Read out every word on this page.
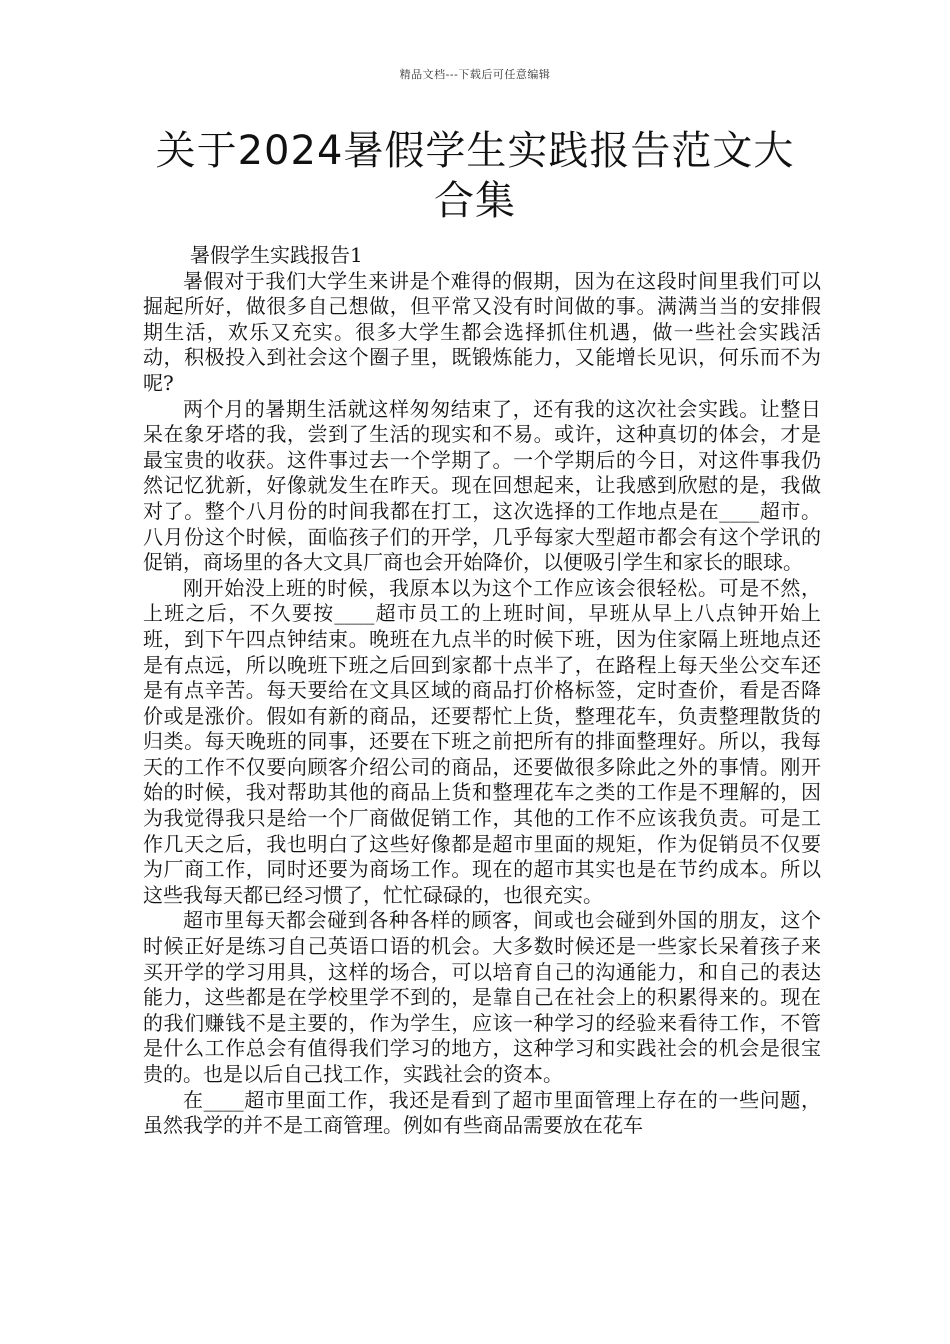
精品文档---下载后可任意编辑
关于2024暑假学生实践报告范文大合集

暑假学生实践报告1

暑假对于我们大学生来讲是个难得的假期，因为在这段时间里我们可以掘起所好，做很多自己想做，但平常又没有时间做的事。满满当当的安排假期生活，欢乐又充实。很多大学生都会选择抓住机遇，做一些社会实践活动，积极投入到社会这个圈子里，既锻炼能力，又能增长见识，何乐而不为呢?

两个月的暑期生活就这样匆匆结束了，还有我的这次社会实践。让整日呆在象牙塔的我，尝到了生活的现实和不易。或许，这种真切的体会，才是最宝贵的收获。这件事过去一个学期了。一个学期后的今日，对这件事我仍然记忆犹新，好像就发生在昨天。现在回想起来，让我感到欣慰的是，我做对了。整个八月份的时间我都在打工，这次选择的工作地点是在____超市。八月份这个时候，面临孩子们的开学，几乎每家大型超市都会有这个学讯的促销，商场里的各大文具厂商也会开始降价，以便吸引学生和家长的眼球。

刚开始没上班的时候，我原本以为这个工作应该会很轻松。可是不然，上班之后，不久要按____超市员工的上班时间，早班从早上八点钟开始上班，到下午四点钟结束。晚班在九点半的时候下班，因为住家隔上班地点还是有点远，所以晚班下班之后回到家都十点半了，在路程上每天坐公交车还是有点辛苦。每天要给在文具区域的商品打价格标签，定时查价，看是否降价或是涨价。假如有新的商品，还要帮忙上货，整理花车，负责整理散货的归类。每天晚班的同事，还要在下班之前把所有的排面整理好。所以，我每天的工作不仅要向顾客介绍公司的商品，还要做很多除此之外的事情。刚开始的时候，我对帮助其他的商品上货和整理花车之类的工作是不理解的，因为我觉得我只是给一个厂商做促销工作，其他的工作不应该我负责。可是工作几天之后，我也明白了这些好像都是超市里面的规矩，作为促销员不仅要为厂商工作，同时还要为商场工作。现在的超市其实也是在节约成本。所以这些我每天都已经习惯了，忙忙碌碌的，也很充实。

超市里每天都会碰到各种各样的顾客，间或也会碰到外国的朋友，这个时候正好是练习自己英语口语的机会。大多数时候还是一些家长呆着孩子来买开学的学习用具，这样的场合，可以培育自己的沟通能力，和自己的表达能力，这些都是在学校里学不到的，是靠自己在社会上的积累得来的。现在的我们赚钱不是主要的，作为学生，应该一种学习的经验来看待工作，不管是什么工作总会有值得我们学习的地方，这种学习和实践社会的机会是很宝贵的。也是以后自己找工作，实践社会的资本。

在____超市里面工作，我还是看到了超市里面管理上存在的一些问题，虽然我学的并不是工商管理。例如有些商品需要放在花车
